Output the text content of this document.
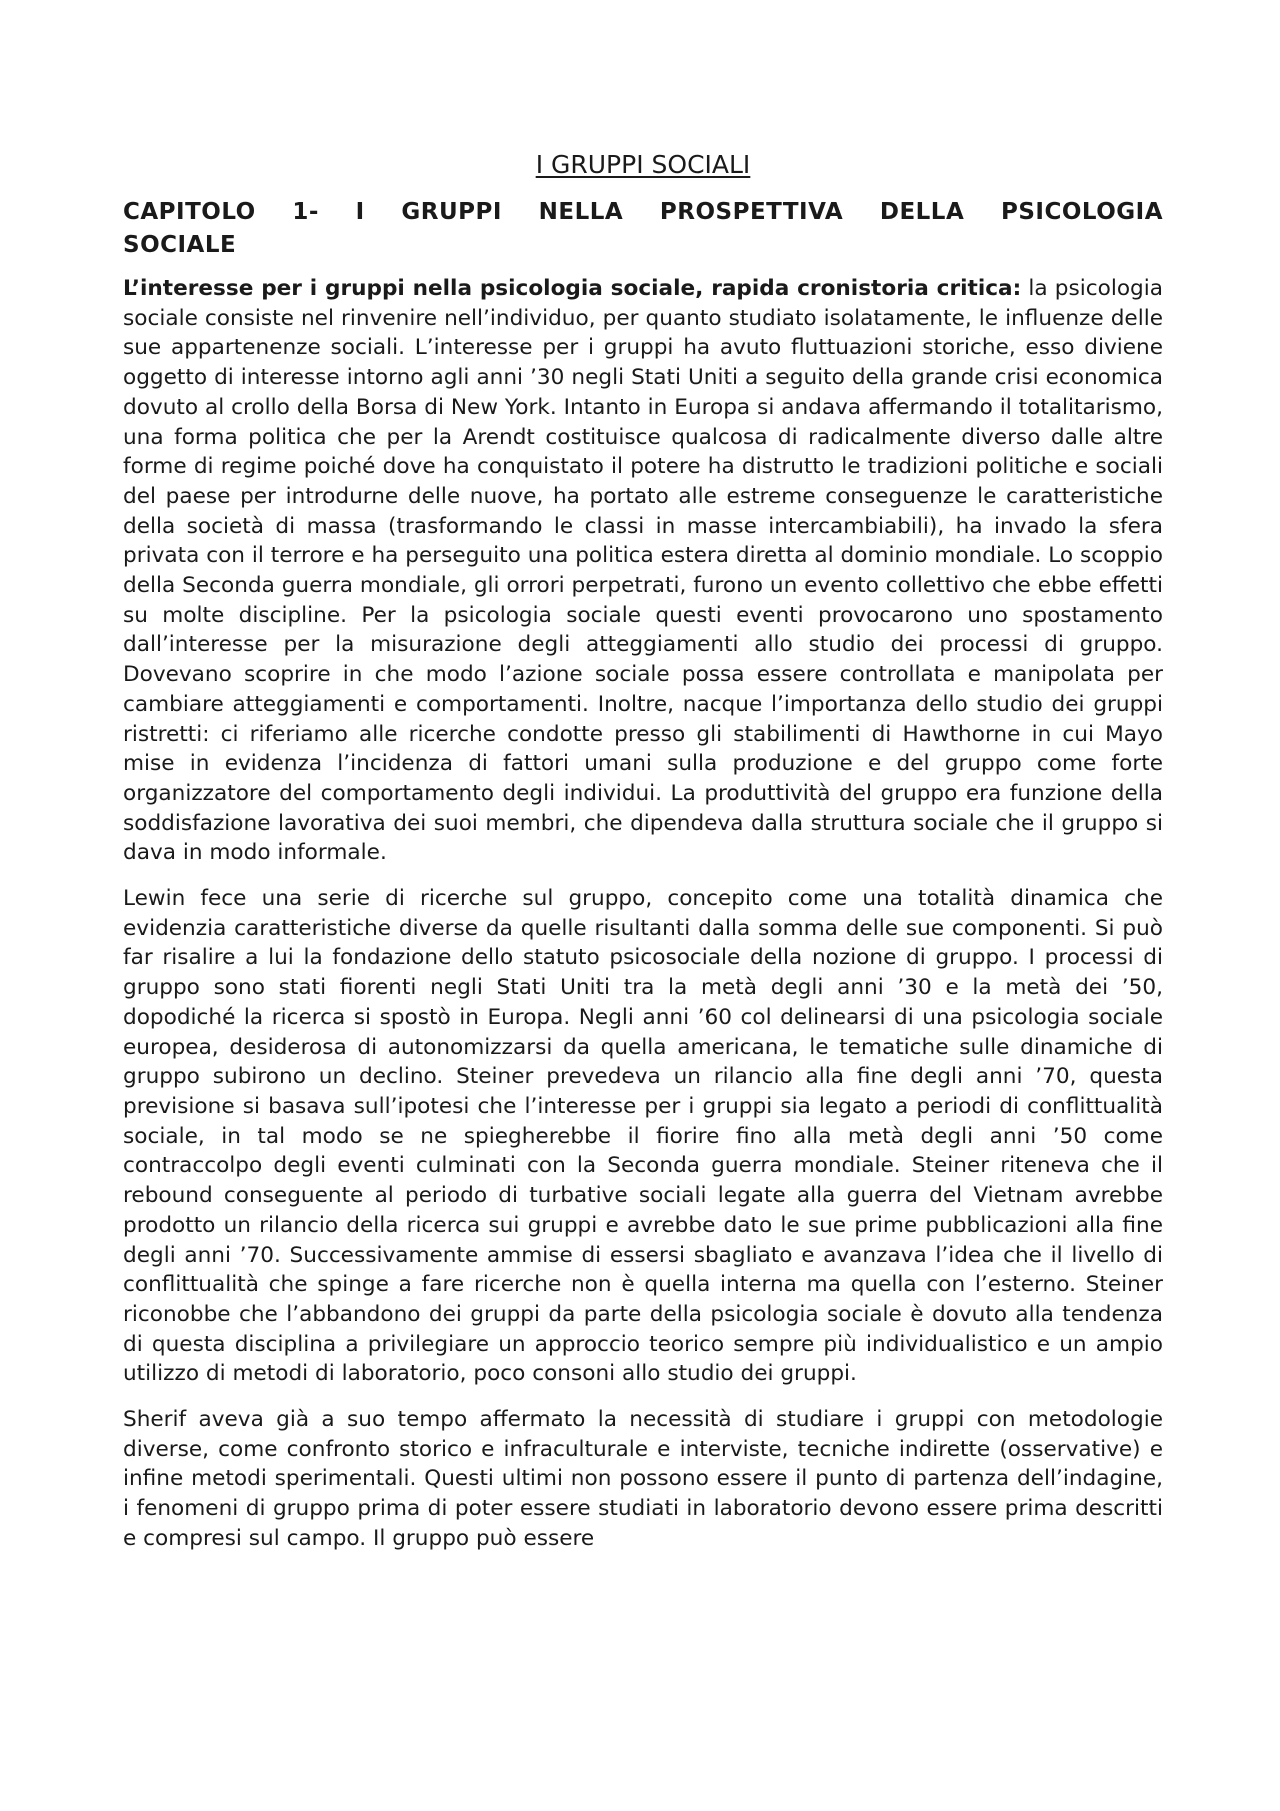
I GRUPPI SOCIALI
CAPITOLO 1- I GRUPPI NELLA PROSPETTIVA DELLA PSICOLOGIA SOCIALE

L’interesse per i gruppi nella psicologia sociale, rapida cronistoria critica: la psicologia sociale consiste nel rinvenire nell’individuo, per quanto studiato isolatamente, le influenze delle sue appartenenze sociali. L’interesse per i gruppi ha avuto fluttuazioni storiche, esso diviene oggetto di interesse intorno agli anni ’30 negli Stati Uniti a seguito della grande crisi economica dovuto al crollo della Borsa di New York. Intanto in Europa si andava affermando il totalitarismo, una forma politica che per la Arendt costituisce qualcosa di radicalmente diverso dalle altre forme di regime poiché dove ha conquistato il potere ha distrutto le tradizioni politiche e sociali del paese per introdurne delle nuove, ha portato alle estreme conseguenze le caratteristiche della società di massa (trasformando le classi in masse intercambiabili), ha invado la sfera privata con il terrore e ha perseguito una politica estera diretta al dominio mondiale. Lo scoppio della Seconda guerra mondiale, gli orrori perpetrati, furono un evento collettivo che ebbe effetti su molte discipline. Per la psicologia sociale questi eventi provocarono uno spostamento dall’interesse per la misurazione degli atteggiamenti allo studio dei processi di gruppo. Dovevano scoprire in che modo l’azione sociale possa essere controllata e manipolata per cambiare atteggiamenti e comportamenti. Inoltre, nacque l’importanza dello studio dei gruppi ristretti: ci riferiamo alle ricerche condotte presso gli stabilimenti di Hawthorne in cui Mayo mise in evidenza l’incidenza di fattori umani sulla produzione e del gruppo come forte organizzatore del comportamento degli individui. La produttività del gruppo era funzione della soddisfazione lavorativa dei suoi membri, che dipendeva dalla struttura sociale che il gruppo si dava in modo informale.

Lewin fece una serie di ricerche sul gruppo, concepito come una totalità dinamica che evidenzia caratteristiche diverse da quelle risultanti dalla somma delle sue componenti. Si può far risalire a lui la fondazione dello statuto psicosociale della nozione di gruppo. I processi di gruppo sono stati fiorenti negli Stati Uniti tra la metà degli anni ’30 e la metà dei ’50, dopodiché la ricerca si spostò in Europa. Negli anni ’60 col delinearsi di una psicologia sociale europea, desiderosa di autonomizzarsi da quella americana, le tematiche sulle dinamiche di gruppo subirono un declino. Steiner prevedeva un rilancio alla fine degli anni ’70, questa previsione si basava sull’ipotesi che l’interesse per i gruppi sia legato a periodi di conflittualità sociale, in tal modo se ne spiegherebbe il fiorire fino alla metà degli anni ’50 come contraccolpo degli eventi culminati con la Seconda guerra mondiale. Steiner riteneva che il rebound conseguente al periodo di turbative sociali legate alla guerra del Vietnam avrebbe prodotto un rilancio della ricerca sui gruppi e avrebbe dato le sue prime pubblicazioni alla fine degli anni ’70. Successivamente ammise di essersi sbagliato e avanzava l’idea che il livello di conflittualità che spinge a fare ricerche non è quella interna ma quella con l’esterno. Steiner riconobbe che l’abbandono dei gruppi da parte della psicologia sociale è dovuto alla tendenza di questa disciplina a privilegiare un approccio teorico sempre più individualistico e un ampio utilizzo di metodi di laboratorio, poco consoni allo studio dei gruppi.

Sherif aveva già a suo tempo affermato la necessità di studiare i gruppi con metodologie diverse, come confronto storico e infraculturale e interviste, tecniche indirette (osservative) e infine metodi sperimentali. Questi ultimi non possono essere il punto di partenza dell’indagine, i fenomeni di gruppo prima di poter essere studiati in laboratorio devono essere prima descritti e compresi sul campo. Il gruppo può essere
